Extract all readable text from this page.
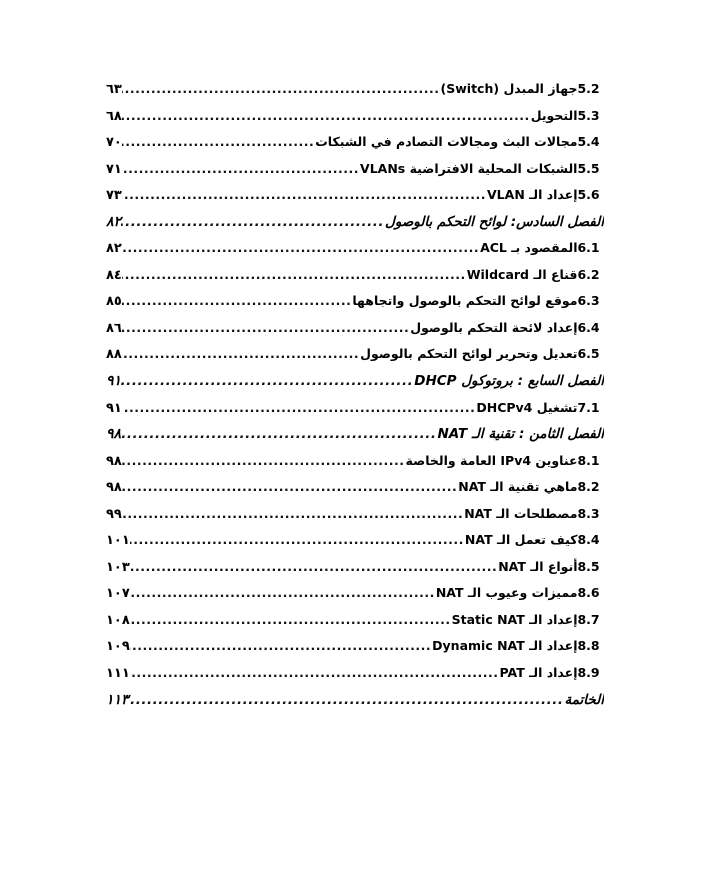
5.2جهاز المبدل (Switch)
.....
٦٣
5.3التحويل
.....
٦٨
5.4مجالات البث ومجالات التصادم في الشبكات
.....
٧٠
5.5الشبكات المحلية الافتراضية VLANs
.....
٧١
5.6إعداد الـ VLAN
.....
٧٣
الفصل السادس: لوائح التحكم بالوصول
.....
٨٢
6.1المقصود بـ ACL
.....
٨٢
6.2قناع الـ Wildcard
.....
٨٤
6.3موقع لوائح التحكم بالوصول واتجاهها
.....
٨٥
6.4إعداد لائحة التحكم بالوصول
.....
٨٦
6.5تعديل وتحرير لوائح التحكم بالوصول
.....
٨٨
الفصل السابع : بروتوكول DHCP
.....
٩١
7.1تشغيل DHCPv4
.....
٩١
الفصل الثامن : تقنية الـ NAT
.....
٩٨
8.1عناوين IPv4 العامة والخاصة
.....
٩٨
8.2ماهي تقنية الـ NAT
.....
٩٨
8.3مصطلحات الـ NAT
.....
٩٩
8.4كيف تعمل الـ NAT
.....
١٠١
8.5أنواع الـ NAT
.....
١٠٣
8.6مميزات وعيوب الـ NAT
.....
١٠٧
8.7إعداد الـ Static NAT
.....
١٠٨
8.8إعداد الـ Dynamic NAT
.....
١٠٩
8.9إعداد الـ PAT
.....
١١١
الخاتمة
.....
١١٣
